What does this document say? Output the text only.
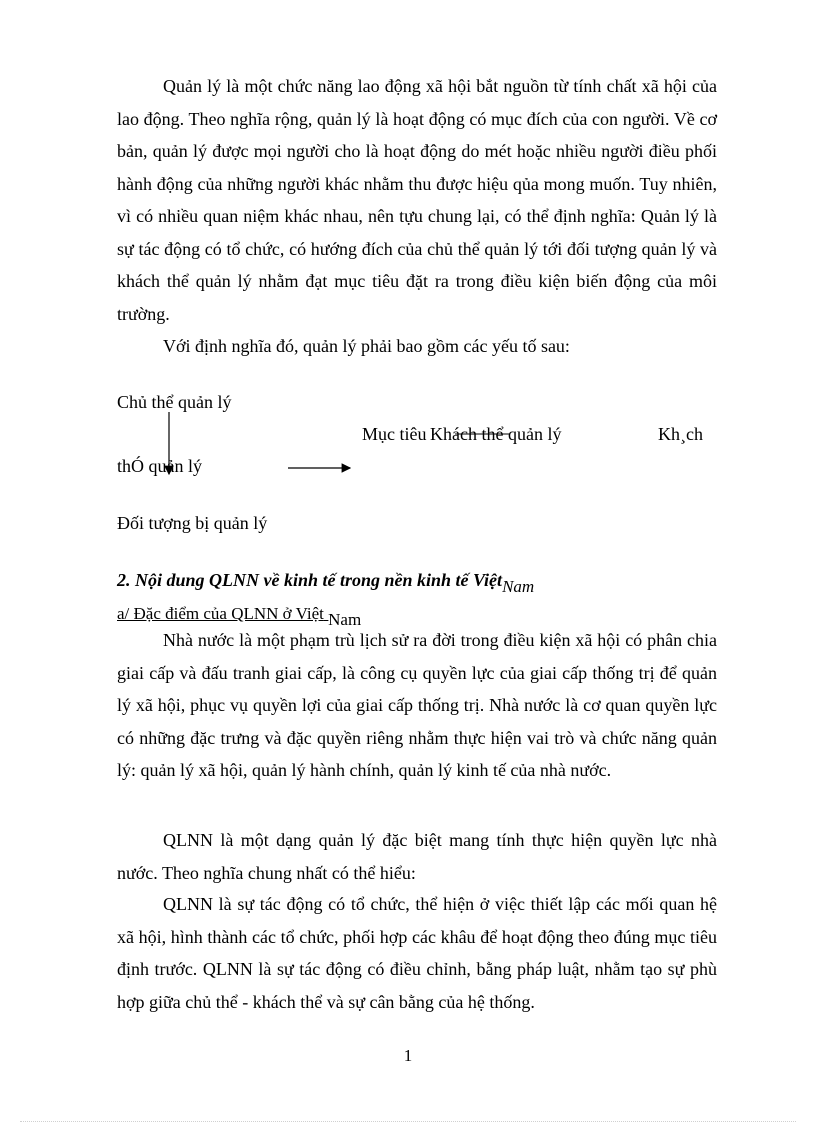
Quản lý là một chức năng lao động xã hội bắt nguồn từ tính chất xã hội của lao động. Theo nghĩa rộng, quản lý là hoạt động có mục đích của con người. Về cơ bản, quản lý được mọi người cho là hoạt động do mét hoặc nhiều người điều phối hành động của những người khác nhằm thu được hiệu qủa mong muốn. Tuy nhiên, vì có nhiều quan niệm khác nhau, nên tựu chung lại, có thể định nghĩa: Quản lý là sự tác động có tổ chức, có hướng đích của chủ thể quản lý tới đối tượng quản lý và khách thể quản lý nhằm đạt mục tiêu đặt ra trong điều kiện biến động của môi trường.

Với định nghĩa đó, quản lý phải bao gồm các yếu tố sau:

Chủ thể quản lý
Mục tiêu Khách thể quản lý	Kh¸ch
thÓ quản lý
Đối tượng bị quản lý
2. Nội dung QLNN về kinh tế trong nền kinh tế ViệtNam
a/ Đặc điểm của QLNN ở Việt Nam

Nhà nước là một phạm trù lịch sử ra đời trong điều kiện xã hội có phân chia giai cấp và đấu tranh giai cấp, là công cụ quyền lực của giai cấp thống trị để quản lý xã hội, phục vụ quyền lợi của giai cấp thống trị. Nhà nước là cơ quan quyền lực có những đặc trưng và đặc quyền riêng nhằm thực hiện vai trò và chức năng quản lý: quản lý xã hội, quản lý hành chính, quản lý kinh tế của nhà nước.

QLNN là một dạng quản lý đặc biệt mang tính thực hiện quyền lực nhà nước. Theo nghĩa chung nhất có thể hiểu:

QLNN là sự tác động có tổ chức, thể hiện ở việc thiết lập các mối quan hệ xã hội, hình thành các tổ chức, phối hợp các khâu để hoạt động theo đúng mục tiêu định trước. QLNN là sự tác động có điều chỉnh, bằng pháp luật, nhằm tạo sự phù hợp giữa chủ thể - khách thể và sự cân bằng của hệ thống.

1
